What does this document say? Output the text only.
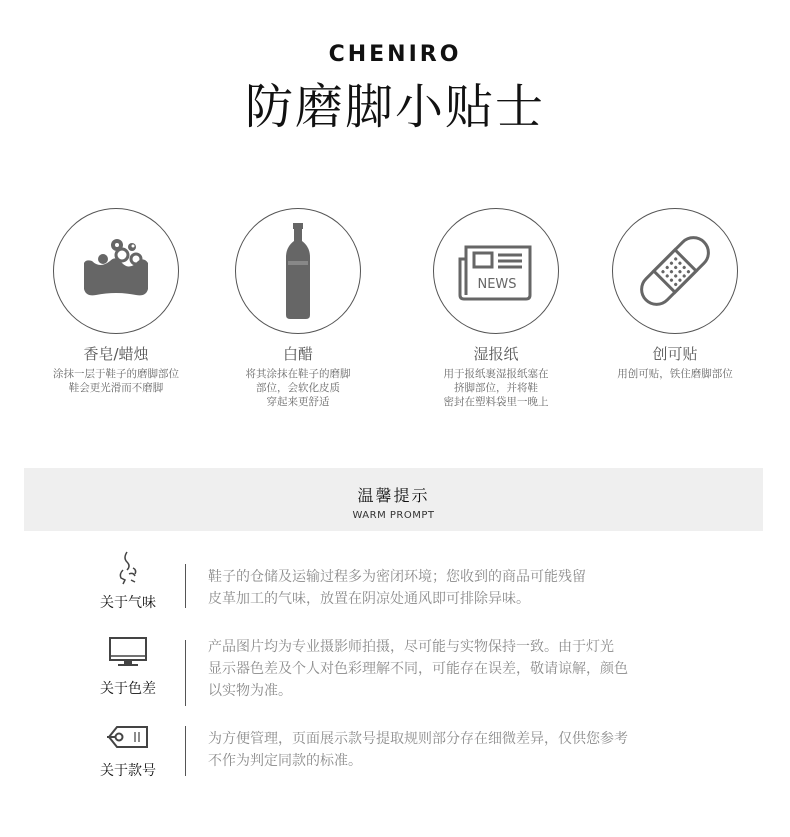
CHENIRO
防磨脚小贴士
香皂/蜡烛
涂抹一层于鞋子的磨脚部位
鞋会更光滑而不磨脚
白醋
将其涂抹在鞋子的磨脚
部位，会软化皮质
穿起来更舒适
NEWS
湿报纸
用于报纸裹湿报纸塞在
挤脚部位，并将鞋
密封在塑料袋里一晚上
创可贴
用创可贴，铁住磨脚部位
温馨提示
WARM PROMPT
关于气味
鞋子的仓储及运输过程多为密闭环境；您收到的商品可能残留
皮革加工的气味，放置在阴凉处通风即可排除异味。
关于色差
产品图片均为专业摄影师拍摄，尽可能与实物保持一致。由于灯光
显示器色差及个人对色彩理解不同，可能存在误差，敬请谅解，颜色
以实物为准。
关于款号
为方便管理，页面展示款号提取规则部分存在细微差异，仅供您参考
不作为判定同款的标准。
